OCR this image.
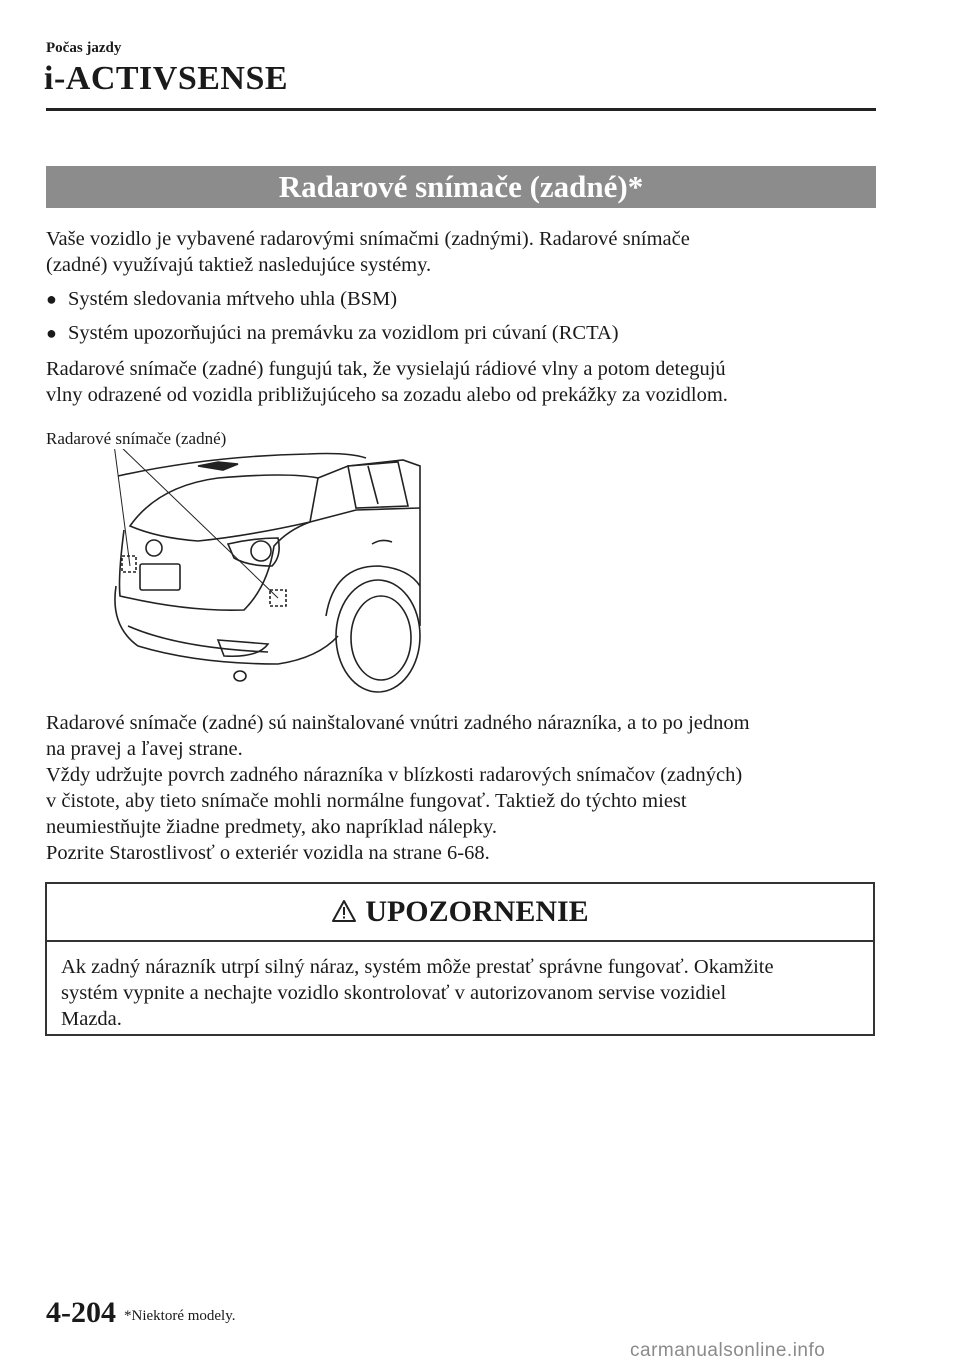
Počas jazdy
i-ACTIVSENSE
Radarové snímače (zadné)*

Vaše vozidlo je vybavené radarovými snímačmi (zadnými). Radarové snímače

(zadné) využívajú taktiež nasledujúce systémy.

● Systém sledovania mŕtveho uhla (BSM)
● Systém upozorňujúci na premávku za vozidlom pri cúvaní (RCTA)

Radarové snímače (zadné) fungujú tak, že vysielajú rádiové vlny a potom detegujú

vlny odrazené od vozidla približujúceho sa zozadu alebo od prekážky za vozidlom.

Radarové snímače (zadné)

Radarové snímače (zadné) sú nainštalované vnútri zadného nárazníka, a to po jednom

na pravej a ľavej strane.

Vždy udržujte povrch zadného nárazníka v blízkosti radarových snímačov (zadných)

v čistote, aby tieto snímače mohli normálne fungovať. Taktiež do týchto miest

neumiestňujte žiadne predmety, ako napríklad nálepky.

Pozrite Starostlivosť o exteriér vozidla na strane 6-68.

UPOZORNENIE
Ak zadný nárazník utrpí silný náraz, systém môže prestať správne fungovať. Okamžite
systém vypnite a nechajte vozidlo skontrolovať v autorizovanom servise vozidiel
Mazda.
4-204 *Niektoré modely.
carmanualsonline.info
